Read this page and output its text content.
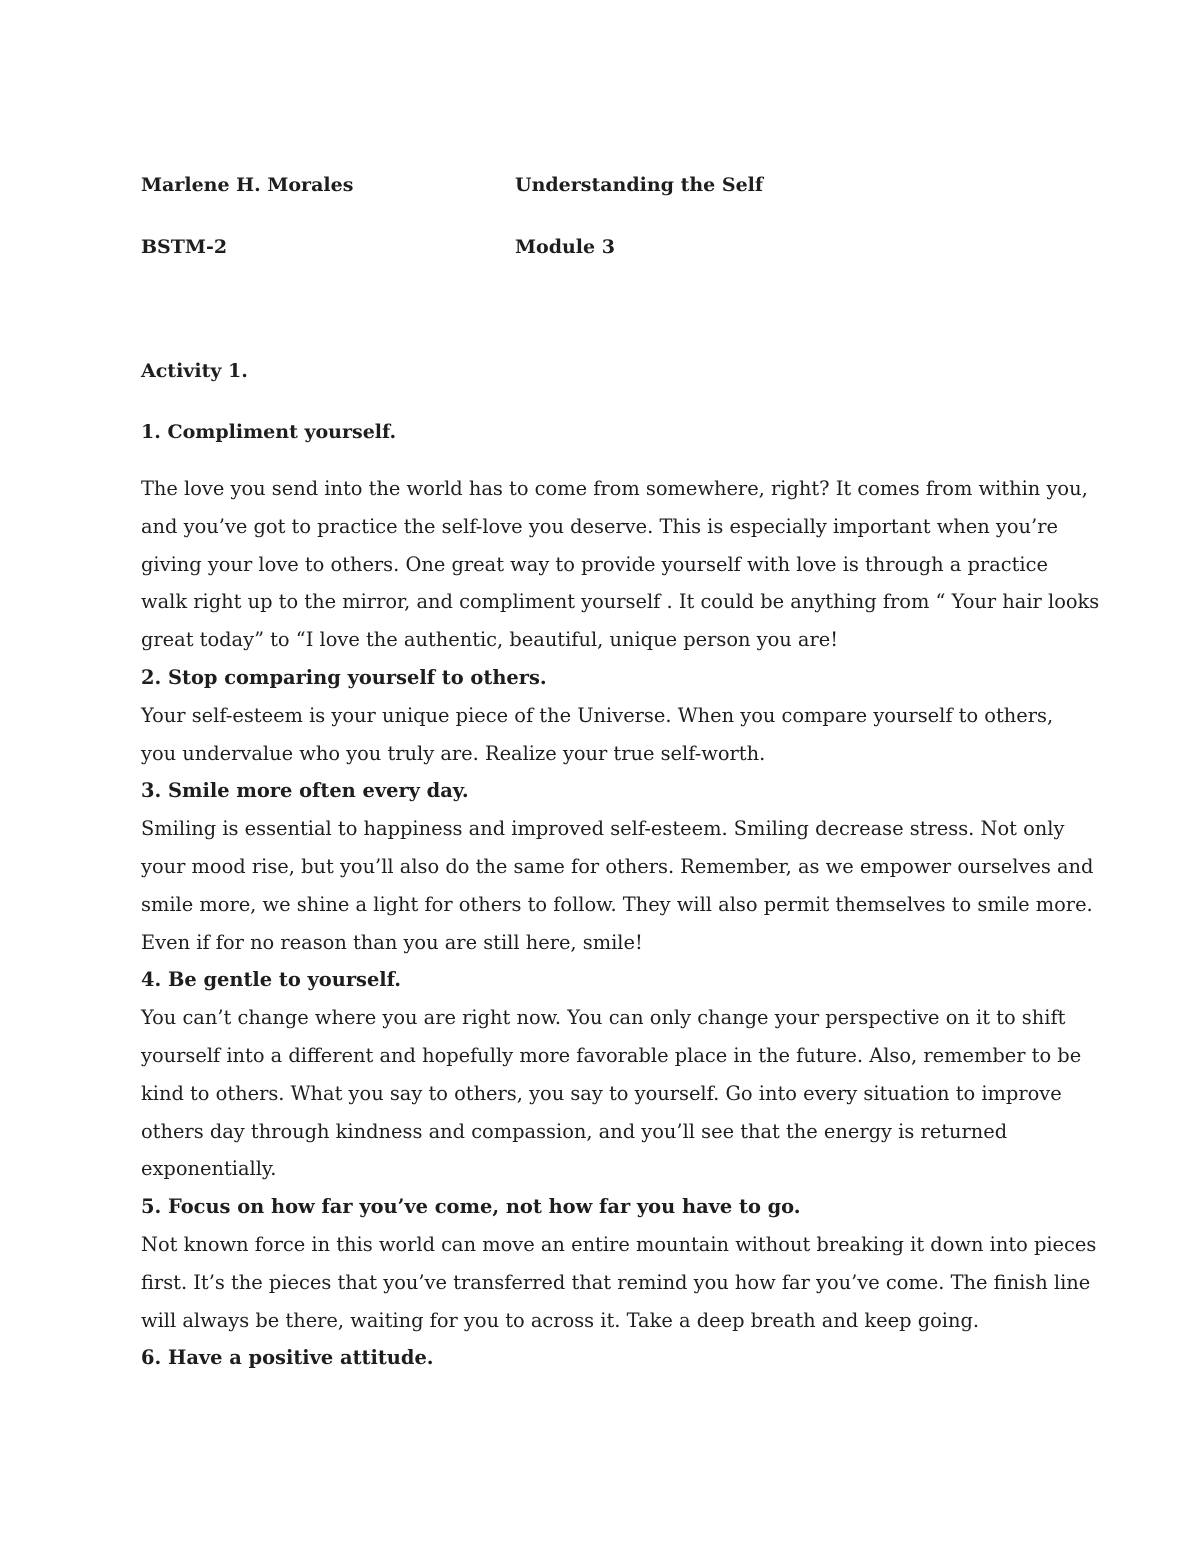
Marlene H. Morales	Understanding the Self
BSTM-2	Module 3
Activity 1.
1. Compliment yourself.
The love you send into the world has to come from somewhere, right? It comes from within you,
and you’ve got to practice the self-love you deserve. This is especially important when you’re
giving your love to others. One great way to provide yourself with love is through a practice
walk right up to the mirror, and compliment yourself . It could be anything from “ Your hair looks
great today” to “I love the authentic, beautiful, unique person you are!
2. Stop comparing yourself to others.
Your self-esteem is your unique piece of the Universe. When you compare yourself to others,
you undervalue who you truly are. Realize your true self-worth.
3. Smile more often every day.
Smiling is essential to happiness and improved self-esteem. Smiling decrease stress. Not only
your mood rise, but you’ll also do the same for others. Remember, as we empower ourselves and
smile more, we shine a light for others to follow. They will also permit themselves to smile more.
Even if for no reason than you are still here, smile!
4. Be gentle to yourself.
You can’t change where you are right now. You can only change your perspective on it to shift
yourself into a different and hopefully more favorable place in the future. Also, remember to be
kind to others. What you say to others, you say to yourself. Go into every situation to improve
others day through kindness and compassion, and you’ll see that the energy is returned
exponentially.
5. Focus on how far you’ve come, not how far you have to go.
Not known force in this world can move an entire mountain without breaking it down into pieces
first. It’s the pieces that you’ve transferred that remind you how far you’ve come. The finish line
will always be there, waiting for you to across it. Take a deep breath and keep going.
6. Have a positive attitude.
